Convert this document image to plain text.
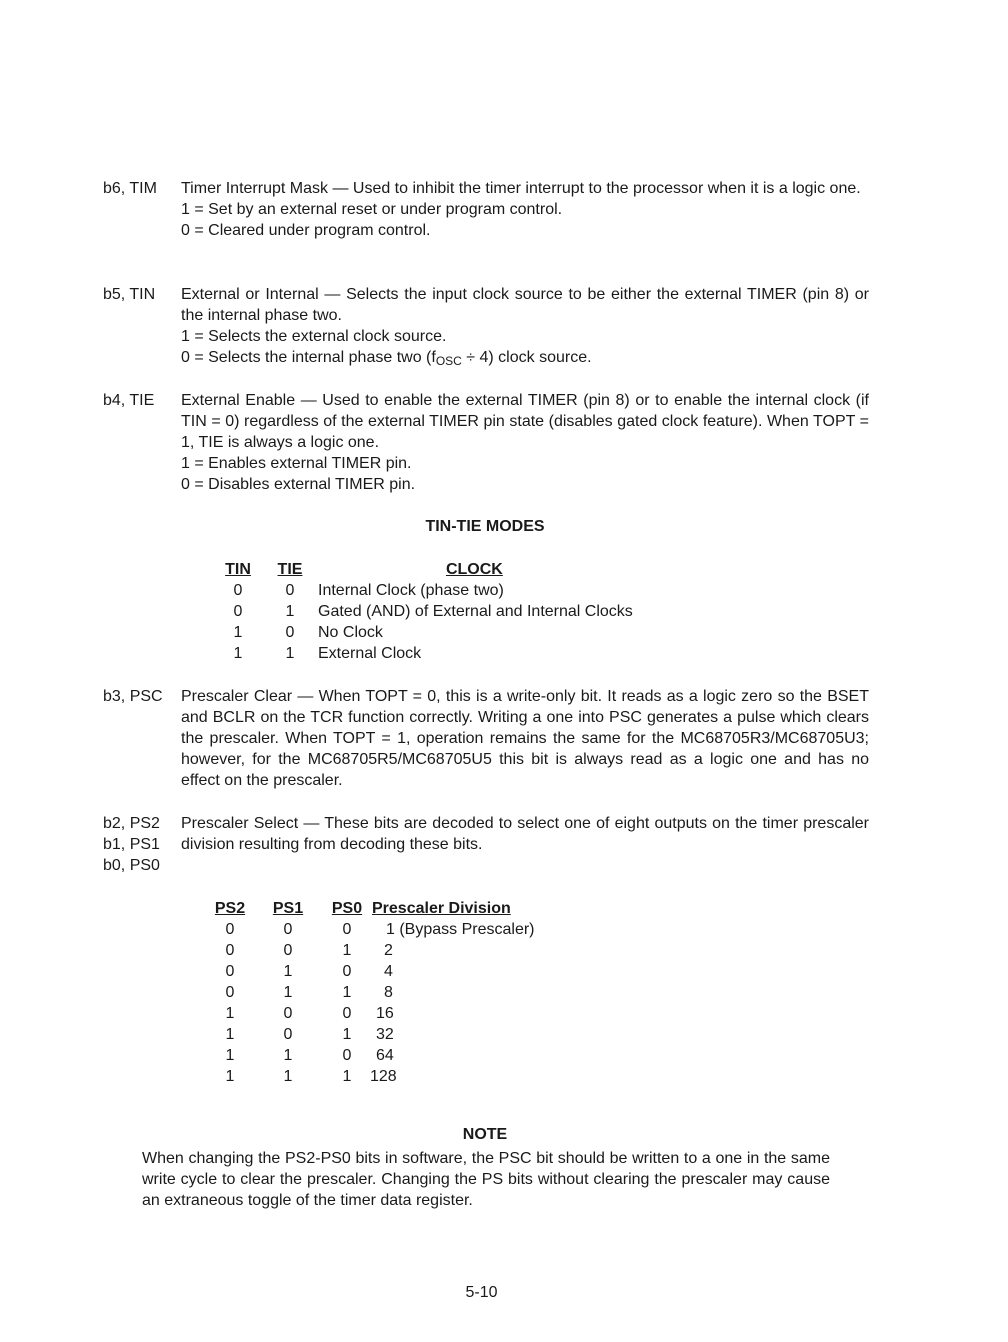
b6, TIM	Timer Interrupt Mask — Used to inhibit the timer interrupt to the processor when it is a logic one.

1 = Set by an external reset or under program control.

0 = Cleared under program control.

b5, TIN	External or Internal — Selects the input clock source to be either the external TIMER (pin 8) or the internal phase two.

1 = Selects the external clock source.

0 = Selects the internal phase two $(f_{OSC} \div 4)$ clock source.

b4, TIE	External Enable — Used to enable the external TIMER (pin 8) or to enable the internal clock (if TIN = 0) regardless of the external TIMER pin state (disables gated clock feature). When TOPT = 1, TIE is always a logic one.

1 = Enables external TIMER pin.

0 = Disables external TIMER pin.

TIN-TIE MODES
TIN	TIE	CLOCK
0	0	Internal Clock (phase two)
0	1	Gated (AND) of External and Internal Clocks
1	0	No Clock
1	1	External Clock
b3, PSC	Prescaler Clear — When TOPT = 0, this is a write-only bit. It reads as a logic zero so the BSET and BCLR on the TCR function correctly. Writing a one into PSC generates a pulse which clears the prescaler. When TOPT = 1, operation remains the same for the MC68705R3/MC68705U3; however, for the MC68705R5/MC68705U5 this bit is always read as a logic one and has no effect on the prescaler.

b2, PS2
b1, PS1
b0, PS0

Prescaler Select — These bits are decoded to select one of eight outputs on the timer prescaler division resulting from decoding these bits.

PS2	PS1	PS0	Prescaler Division
0	0	0	1 (Bypass Prescaler)
0	0	1	2
0	1	0	4
0	1	1	8
1	0	0	16
1	0	1	32
1	1	0	64
1	1	1	128
NOTE
When changing the PS2-PS0 bits in software, the PSC bit should be written to a one in the same write cycle to clear the prescaler. Changing the PS bits without clearing the prescaler may cause an extraneous toggle of the timer data register.
5-10
